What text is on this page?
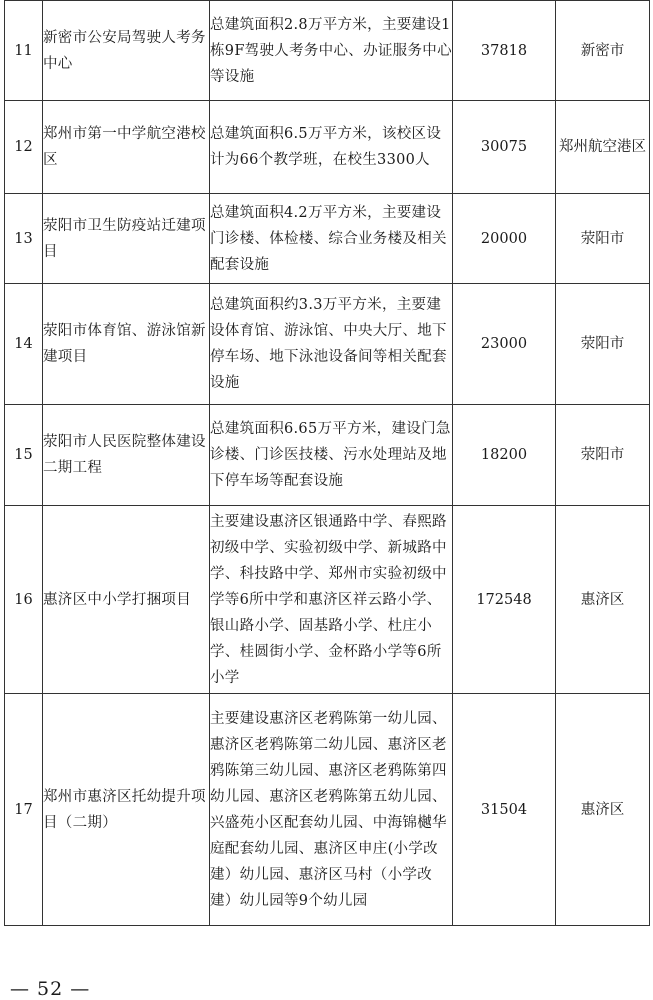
11	新密市公安局驾驶人考务中心	总建筑面积2.8万平方米，主要建设1栋9F驾驶人考务中心、办证服务中心等设施	37818	新密市
12	郑州市第一中学航空港校区	总建筑面积6.5万平方米，该校区设计为66个教学班，在校生3300人	30075	郑州航空港区
13	荥阳市卫生防疫站迁建项目	总建筑面积4.2万平方米，主要建设门诊楼、体检楼、综合业务楼及相关配套设施	20000	荥阳市
14	荥阳市体育馆、游泳馆新建项目	总建筑面积约3.3万平方米，主要建设体育馆、游泳馆、中央大厅、地下停车场、地下泳池设备间等相关配套设施	23000	荥阳市
15	荥阳市人民医院整体建设二期工程	总建筑面积6.65万平方米，建设门急诊楼、门诊医技楼、污水处理站及地下停车场等配套设施	18200	荥阳市
16	惠济区中小学打捆项目	主要建设惠济区银通路中学、春熙路初级中学、实验初级中学、新城路中学、科技路中学、郑州市实验初级中学等6所中学和惠济区祥云路小学、银山路小学、固基路小学、杜庄小学、桂圆街小学、金杯路小学等6所小学	172548	惠济区
17	郑州市惠济区托幼提升项目（二期）	主要建设惠济区老鸦陈第一幼儿园、惠济区老鸦陈第二幼儿园、惠济区老鸦陈第三幼儿园、惠济区老鸦陈第四幼儿园、惠济区老鸦陈第五幼儿园、兴盛苑小区配套幼儿园、中海锦樾华庭配套幼儿园、惠济区申庄(小学改建）幼儿园、惠济区马村（小学改建）幼儿园等9个幼儿园	31504	惠济区
— 52 —
